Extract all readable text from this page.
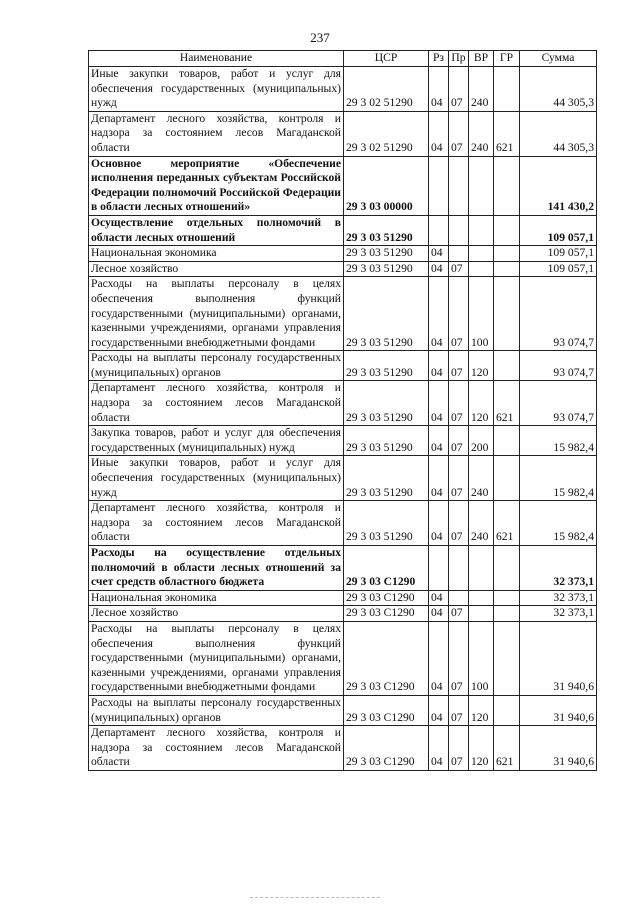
237
Наименование	ЦСР	Рз	Пр	ВР	ГР	Сумма
Иные закупки товаров, работ и услуг для обеспечения государственных (муниципальных) нужд	29 3 02 51290	04	07	240		44 305,3
Департамент лесного хозяйства, контроля и надзора за состоянием лесов Магаданской области	29 3 02 51290	04	07	240	621	44 305,3
Основное мероприятие «Обеспечение исполнения переданных субъектам Российской Федерации полномочий Российской Федерации в области лесных отношений»	29 3 03 00000					141 430,2
Осуществление отдельных полномочий в области лесных отношений	29 3 03 51290					109 057,1
Национальная экономика	29 3 03 51290	04				109 057,1
Лесное хозяйство	29 3 03 51290	04	07			109 057,1
Расходы на выплаты персоналу в целях обеспечения выполнения функций государственными (муниципальными) органами, казенными учреждениями, органами управления государственными внебюджетными фондами	29 3 03 51290	04	07	100		93 074,7
Расходы на выплаты персоналу государственных (муниципальных) органов	29 3 03 51290	04	07	120		93 074,7
Департамент лесного хозяйства, контроля и надзора за состоянием лесов Магаданской области	29 3 03 51290	04	07	120	621	93 074,7
Закупка товаров, работ и услуг для обеспечения государственных (муниципальных) нужд	29 3 03 51290	04	07	200		15 982,4
Иные закупки товаров, работ и услуг для обеспечения государственных (муниципальных) нужд	29 3 03 51290	04	07	240		15 982,4
Департамент лесного хозяйства, контроля и надзора за состоянием лесов Магаданской области	29 3 03 51290	04	07	240	621	15 982,4
Расходы на осуществление отдельных полномочий в области лесных отношений за счет средств областного бюджета	29 3 03 С1290					32 373,1
Национальная экономика	29 3 03 С1290	04				32 373,1
Лесное хозяйство	29 3 03 С1290	04	07			32 373,1
Расходы на выплаты персоналу в целях обеспечения выполнения функций государственными (муниципальными) органами, казенными учреждениями, органами управления государственными внебюджетными фондами	29 3 03 С1290	04	07	100		31 940,6
Расходы на выплаты персоналу государственных (муниципальных) органов	29 3 03 С1290	04	07	120		31 940,6
Департамент лесного хозяйства, контроля и надзора за состоянием лесов Магаданской области	29 3 03 С1290	04	07	120	621	31 940,6
